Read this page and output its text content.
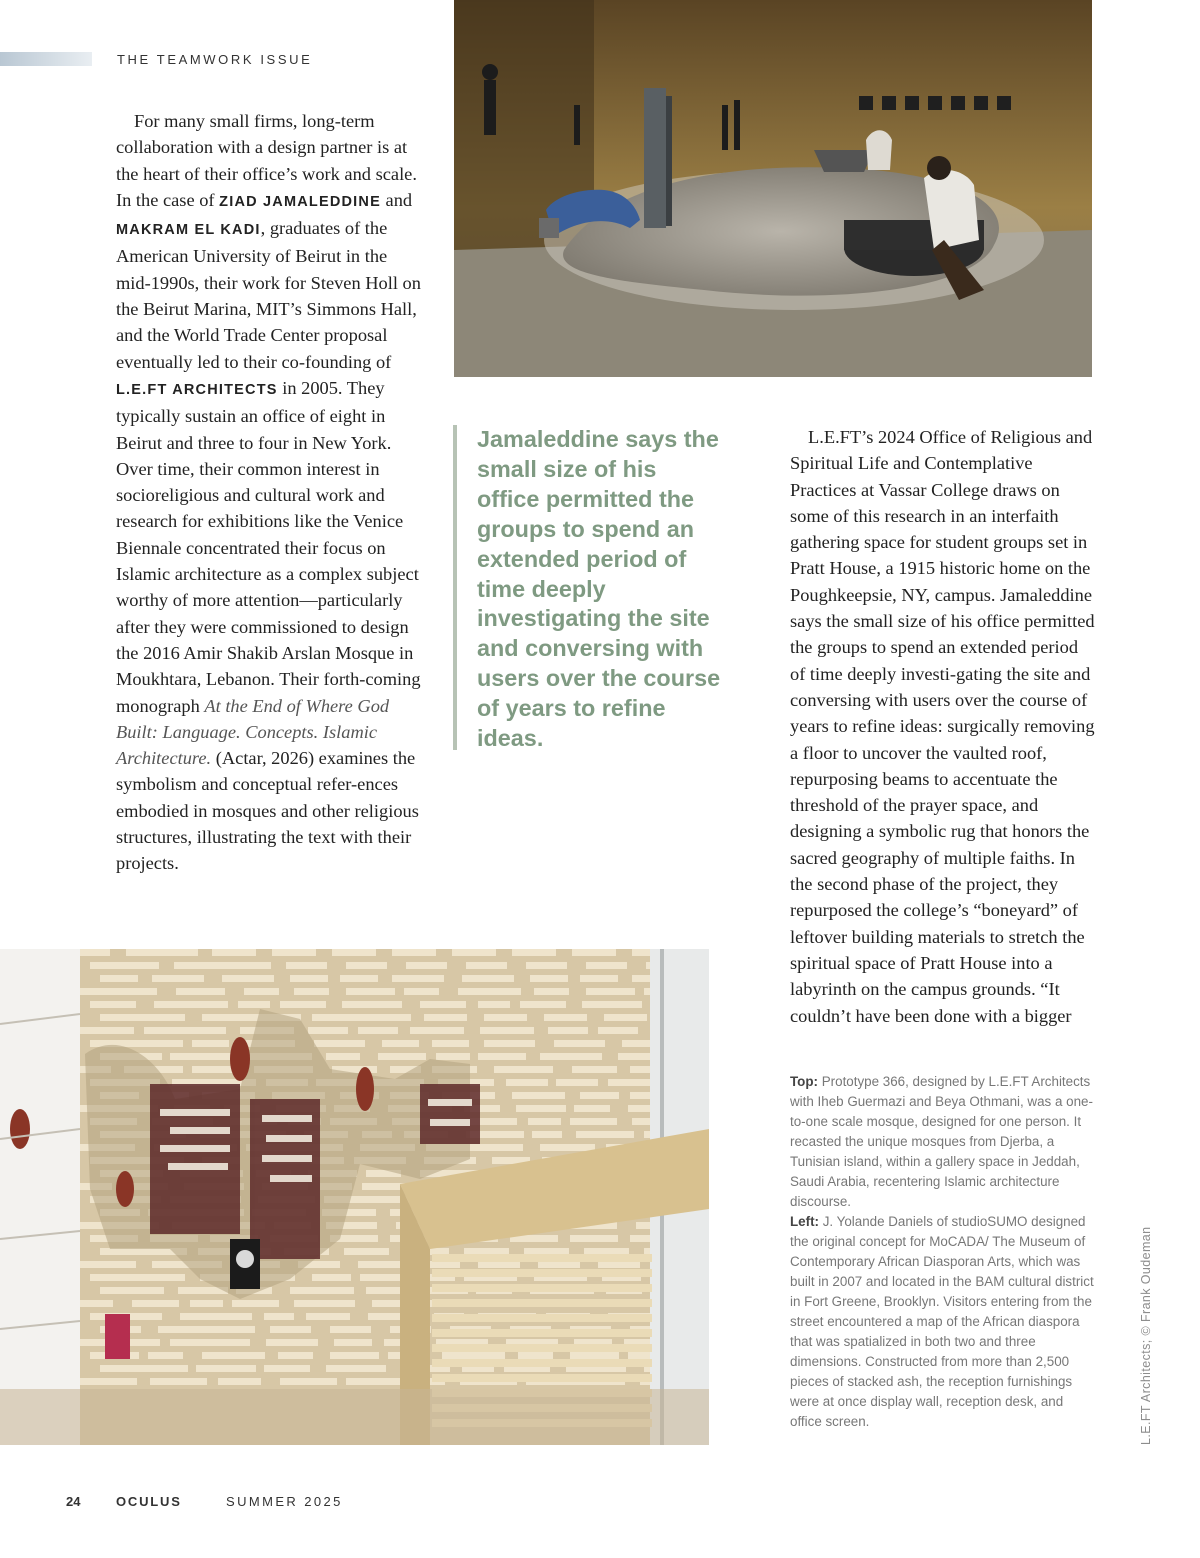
THE TEAMWORK ISSUE

For many small firms, long-term collaboration with a design partner is at the heart of their office’s work and scale. In the case of ZIAD JAMALEDDINE and MAKRAM EL KADI, graduates of the American University of Beirut in the mid-1990s, their work for Steven Holl on the Beirut Marina, MIT’s Simmons Hall, and the World Trade Center proposal eventually led to their co-founding of L.E.FT ARCHITECTS in 2005. They typically sustain an office of eight in Beirut and three to four in New York. Over time, their common interest in socioreligious and cultural work and research for exhibitions like the Venice Biennale concentrated their focus on Islamic architecture as a complex subject worthy of more attention—particularly after they were commissioned to design the 2016 Amir Shakib Arslan Mosque in Moukhtara, Lebanon. Their forth-coming monograph At the End of Where God Built: Language. Concepts. Islamic Architecture. (Actar, 2026) examines the symbolism and conceptual refer-ences embodied in mosques and other religious structures, illustrating the text with their projects.

Jamaleddine says the small size of his office permitted the groups to spend an extended period of time deeply investigating the site and conversing with users over the course of years to refine ideas.

L.E.FT’s 2024 Office of Religious and Spiritual Life and Contemplative Practices at Vassar College draws on some of this research in an interfaith gathering space for student groups set in Pratt House, a 1915 historic home on the Poughkeepsie, NY, campus. Jamaleddine says the small size of his office permitted the groups to spend an extended period of time deeply investi-gating the site and conversing with users over the course of years to refine ideas: surgically removing a floor to uncover the vaulted roof, repurposing beams to accentuate the threshold of the prayer space, and designing a symbolic rug that honors the sacred geography of multiple faiths. In the second phase of the project, they repurposed the college’s “boneyard” of leftover building materials to stretch the spiritual space of Pratt House into a labyrinth on the campus grounds. “It couldn’t have been done with a bigger

Top: Prototype 366, designed by L.E.FT Architects with Iheb Guermazi and Beya Othmani, was a one-to-one scale mosque, designed for one person. It recasted the unique mosques from Djerba, a Tunisian island, within a gallery space in Jeddah, Saudi Arabia, recentering Islamic architecture discourse.
Left: J. Yolande Daniels of studioSUMO designed the original concept for MoCADA/ The Museum of Contemporary African Diasporan Arts, which was built in 2007 and located in the BAM cultural district in Fort Greene, Brooklyn. Visitors entering from the street encountered a map of the African diaspora that was spatialized in both two and three dimensions. Constructed from more than 2,500 pieces of stacked ash, the reception furnishings were at once display wall, reception desk, and office screen.	L.E.FT Architects; © Frank Oudeman
24	OCULUS	SUMMER 2025
